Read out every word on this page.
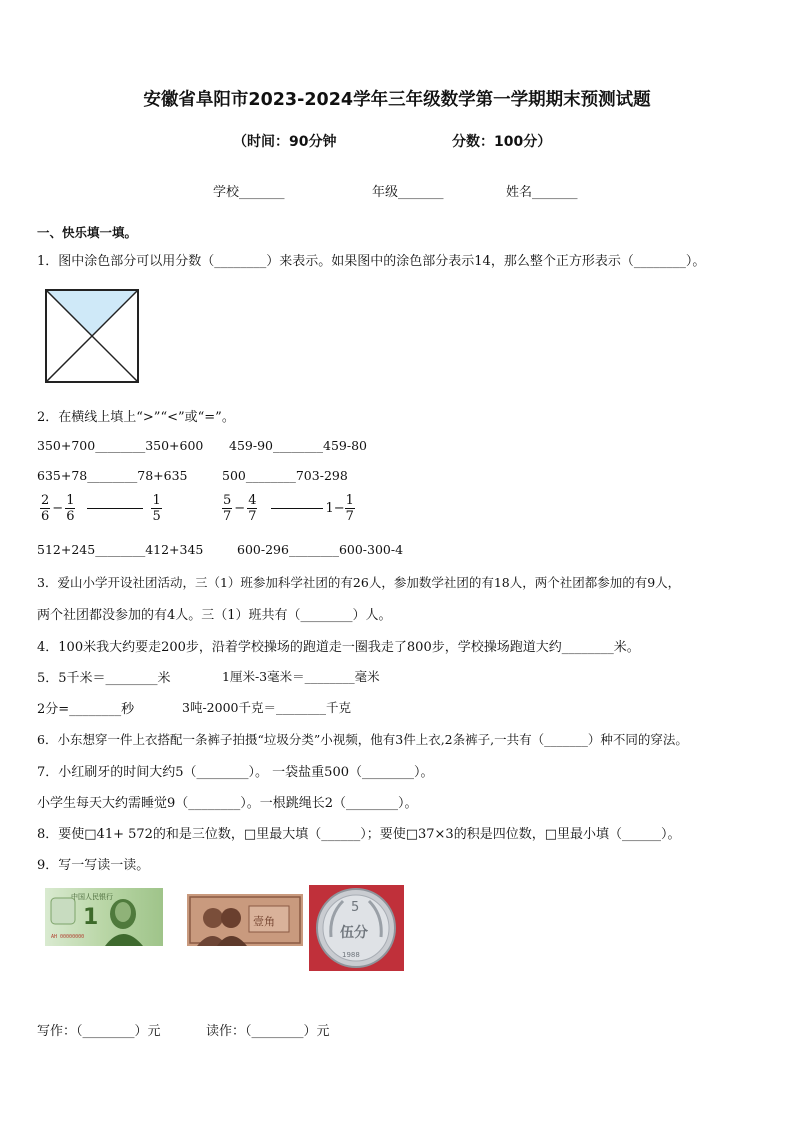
安徽省阜阳市2023-2024学年三年级数学第一学期期末预测试题
（时间：90分钟	分数：100分）
学校_______	年级_______	姓名_______
一、快乐填一填。
1．图中涂色部分可以用分数（________）来表示。如果图中的涂色部分表示14，那么整个正方形表示（________）。
2．在横线上填上“>”“<”或“=”。
350+700________350+600 459-90________459-80
635+78________78+635	500________703-298
$\frac{2}{6} - \frac{1}{6}$	$\frac{1}{5}$	$\frac{5}{7} - \frac{4}{7}$	$1- \frac{1}{7}$
512+245________412+345	600-296________600-300-4
3．爱山小学开设社团活动，三（1）班参加科学社团的有26人，参加数学社团的有18人，两个社团都参加的有9人，
两个社团都没参加的有4人。三（1）班共有（________）人。
4．100米我大约要走200步，沿着学校操场的跑道走一圈我走了800步，学校操场跑道大约________米。
5．5千米＝________米	1厘米-3毫米＝________毫米
2分=________秒	3吨-2000千克＝________千克
6．小东想穿一件上衣搭配一条裤子拍摄“垃圾分类”小视频，他有3件上衣,2条裤子,一共有（_______）种不同的穿法。
7．小红刷牙的时间大约5（________）。 一袋盐重500（________）。
小学生每天大约需睡觉9（________）。一根跳绳长2（________）。
8．要使□41+ 572的和是三位数，□里最大填（______）；要使□37×3的积是四位数，□里最小填（______）。
9．写一写读一读。
中国人民银行
1
AH 00000000
壹角
5
伍分
1988
写作：（________）元	读作：（________）元
